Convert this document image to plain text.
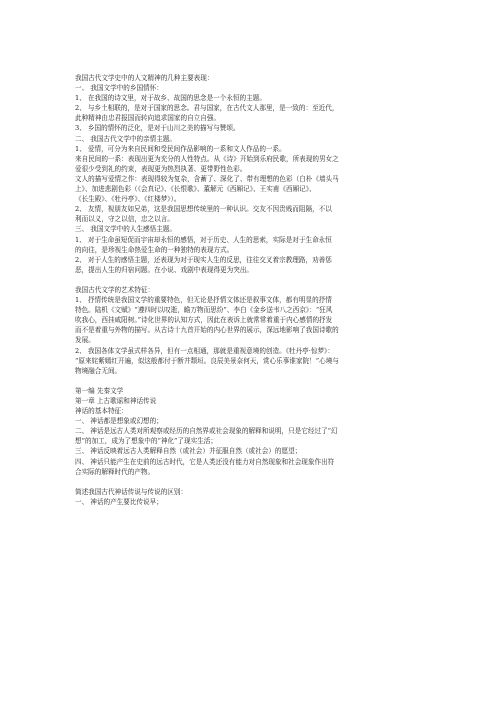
我国古代文学史中的人文精神的几种主要表现：
一、 我国文学中的乡国情怀：
1、 在我国的诗文里，对于故乡、故国的思念是一个永恒的主题。
2、 与乡土相联的，是对于国家的思念。君与国家，在古代文人那里，是一致的：至近代，
此种精神由忠君报国而转向追求国家的自立自强。
3、 乡国的情怀的泛化，是对于山川之美的描写与赞颂。
二、 我国古代文学中的亲情主题。
1、 爱情，可分为来自民间和受民间作品影响的一系和文人作品的一系。
来自民间的一系：表现出更为充分的人性特点。从《诗》开始到乐府民歌，所表现的男女之
爱很少受到礼的约束，表现更为热烈执著、更带野性色彩。
文人的描写爱情之作：表现得较为复杂，含蓄了、深化了、带有理想的色彩（白朴《墙头马
上》、加进悲剧色彩（《会真记》、《长恨歌》、董解元《西厢记》、王实甫《西厢记》、
《长生殿》、《牡丹亭》、《红楼梦》）。
2、 友情，视朋友如兄弟，这是我国思想传统里的一种认识。交友不因贵贱而阻隔，不以
利而以义，守之以信，忠之以言。
三、 我国文学中的人生感悟主题。
1、 对于生命虽短促而宇宙却永恒的感悟，对于历史、人生的思索，实际是对于生命永恒
的向往，是珍视生命热爱生命的一种独特的表现方式。
2、 对于人生的感悟主题，还表现为对于现实人生的反思，往往交叉着宗教理路，劝善惩
恶，提出人生的归宿问题。在小说、戏剧中表现得更为突出。
我国古代文学的艺术特征：
1、 抒情传统是我国文学的重要特色，但无论是抒情文体还是叙事文体，都有明显的抒情
特色。陆机《文赋》“遵四时以叹逝，瞻万物而思纷”、李白《金乡送韦八之西京》：“狂风
吹我心，西挂咸阳树。”诗化世界的认知方式，因此在表诉上就常常着重于内心感情的抒发
而不是着重与外物的描写。从古诗十九首开始的内心世界的展示，深远地影响了我国诗歌的
发展。
2、 我国各体文学虽式样各异，但有一点相通，那就是重视意境的创造。《牡丹亭·惊梦》：
“原来姹紫嫣红开遍，似这般都付于断井颓垣。良辰美景奈何天，赏心乐事谁家院！”心境与
物境融合无间。
第一编 先秦文学
第一章 上古歌谣和神话传说
神话的基本特征：
一、 神话都是想象或幻想的；
二、 神话是远古人类对所观察或经历的自然界或社会现象的解释和说明，只是它经过了“幻
想”的加工，成为了想象中的“神化”了现实生活；
三、 神话反映着远古人类解释自然（或社会）并征服自然（或社会）的愿望；
四、 神话只能产生在史前的远古时代，它是人类还没有能力对自然现象和社会现象作出符
合实际的解释时代的产物。
简述我国古代神话传说与传说的区别：
一、 神话的产生要比传说早；
